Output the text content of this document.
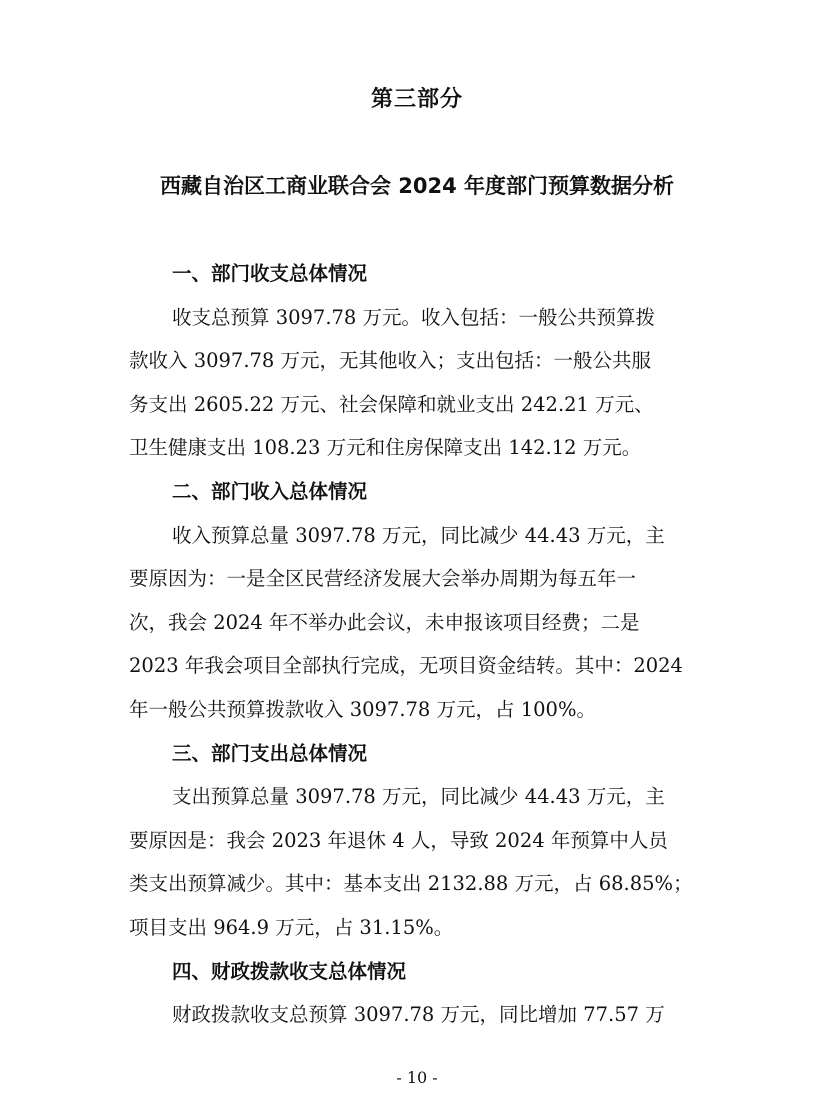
第三部分
西藏自治区工商业联合会 2024 年度部门预算数据分析

一、部门收支总体情况

收支总预算 3097.78 万元。收入包括：一般公共预算拨
款收入 3097.78 万元，无其他收入；支出包括：一般公共服
务支出 2605.22 万元、社会保障和就业支出 242.21 万元、
卫生健康支出 108.23 万元和住房保障支出 142.12 万元。

二、部门收入总体情况

收入预算总量 3097.78 万元，同比减少 44.43 万元，主
要原因为：一是全区民营经济发展大会举办周期为每五年一
次，我会 2024 年不举办此会议，未申报该项目经费；二是
2023 年我会项目全部执行完成，无项目资金结转。其中：2024
年一般公共预算拨款收入 3097.78 万元，占 100%。

三、部门支出总体情况

支出预算总量 3097.78 万元，同比减少 44.43 万元，主
要原因是：我会 2023 年退休 4 人，导致 2024 年预算中人员
类支出预算减少。其中：基本支出 2132.88 万元，占 68.85%；
项目支出 964.9 万元，占 31.15%。

四、财政拨款收支总体情况

财政拨款收支总预算 3097.78 万元，同比增加 77.57 万

- 10 -
